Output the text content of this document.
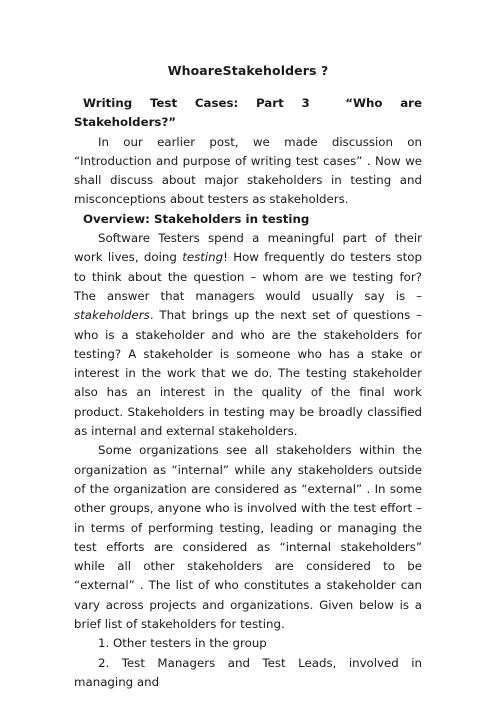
WhoareStakeholders ?

Writing Test Cases: Part 3  “Who are Stakeholders?”

In our earlier post, we made discussion on “Introduction and purpose of writing test cases” . Now we shall discuss about major stakeholders in testing and misconceptions about testers as stakeholders.

Overview: Stakeholders in testing

Software Testers spend a meaningful part of their work lives, doing testing! How frequently do testers stop to think about the question – whom are we testing for? The answer that managers would usually say is – stakeholders. That brings up the next set of questions – who is a stakeholder and who are the stakeholders for testing? A stakeholder is someone who has a stake or interest in the work that we do. The testing stakeholder also has an interest in the quality of the final work product. Stakeholders in testing may be broadly classified as internal and external stakeholders.

Some organizations see all stakeholders within the organization as “internal” while any stakeholders outside of the organization are considered as “external” . In some other groups, anyone who is involved with the test effort – in terms of performing testing, leading or managing the test efforts are considered as “internal stakeholders” while all other stakeholders are considered to be “external” . The list of who constitutes a stakeholder can vary across projects and organizations. Given below is a brief list of stakeholders for testing.

1. Other testers in the group

2. Test Managers and Test Leads, involved in managing and
